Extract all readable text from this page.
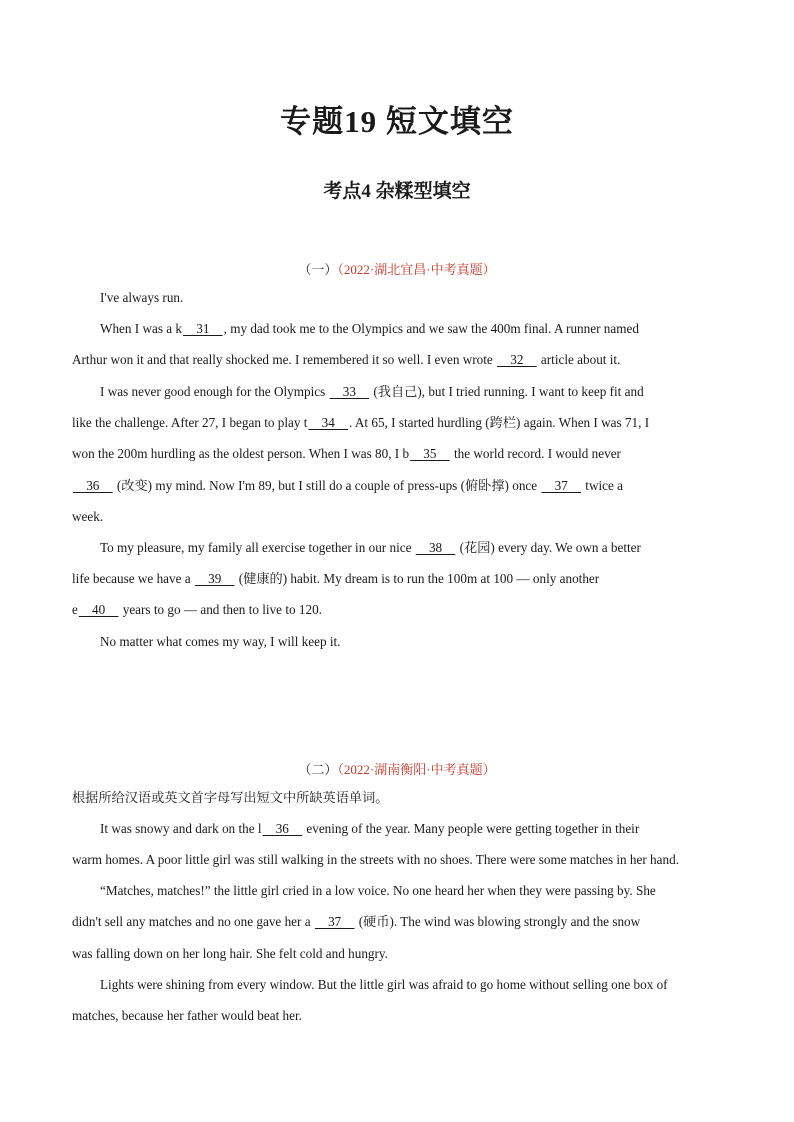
专题19 短文填空
考点4 杂糅型填空
（一）（2022·湖北宜昌·中考真题）
I've always run.
When I was a k  31  , my dad took me to the Olympics and we saw the 400m final. A runner named
Arthur won it and that really shocked me. I remembered it so well. I even wrote   32   article about it.
I was never good enough for the Olympics   33   (我自己), but I tried running. I want to keep fit and
like the challenge. After 27, I began to play t  34  . At 65, I started hurdling (跨栏) again. When I was 71, I
won the 200m hurdling as the oldest person. When I was 80, I b  35   the world record. I would never
  36   (改变) my mind. Now I'm 89, but I still do a couple of press-ups (俯卧撑) once   37   twice a
week.
To my pleasure, my family all exercise together in our nice   38   (花园) every day. We own a better
life because we have a   39   (健康的) habit. My dream is to run the 100m at 100 — only another
e  40   years to go — and then to live to 120.
No matter what comes my way, I will keep it.
（二）（2022·湖南衡阳·中考真题）
根据所给汉语或英文首字母写出短文中所缺英语单词。
It was snowy and dark on the l  36   evening of the year. Many people were getting together in their
warm homes. A poor little girl was still walking in the streets with no shoes. There were some matches in her hand.
“Matches, matches!” the little girl cried in a low voice. No one heard her when they were passing by. She
didn't sell any matches and no one gave her a   37   (硬币). The wind was blowing strongly and the snow
was falling down on her long hair. She felt cold and hungry.
Lights were shining from every window. But the little girl was afraid to go home without selling one box of
matches, because her father would beat her.
